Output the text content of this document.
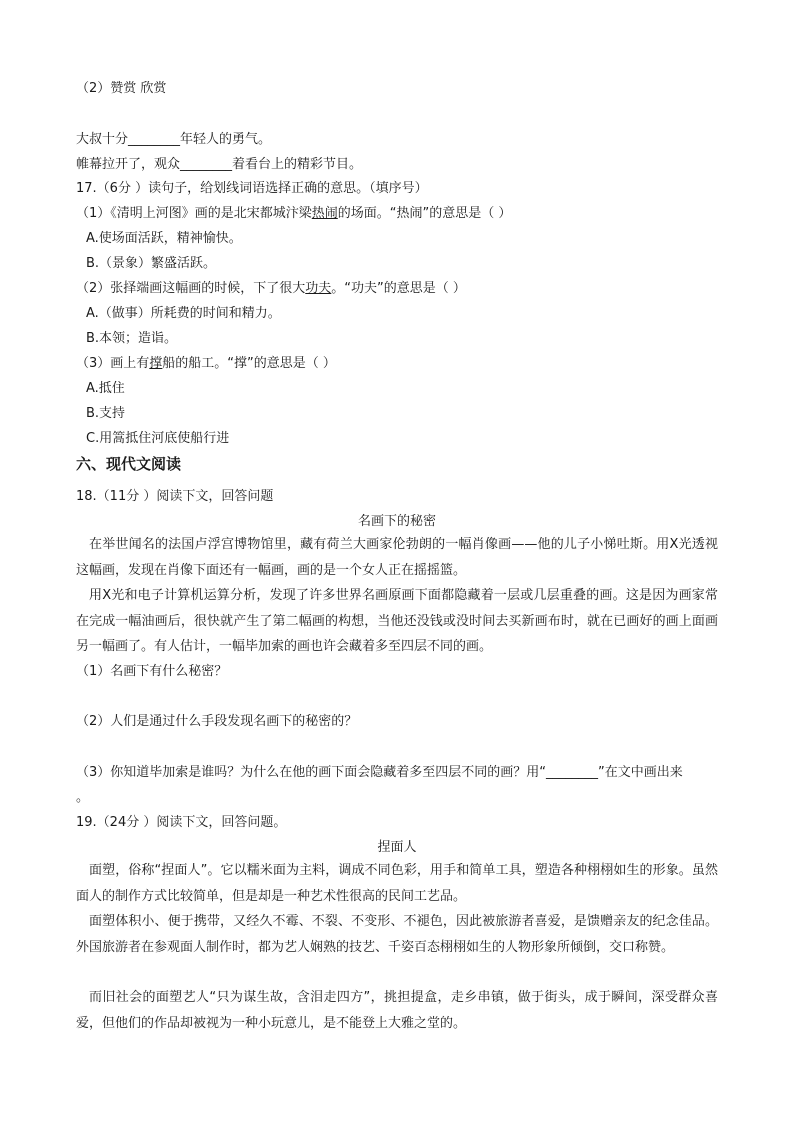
（2）赞赏 欣赏
大叔十分________年轻人的勇气。
帷幕拉开了，观众________着看台上的精彩节目。
17.（6分 ）读句子，给划线词语选择正确的意思。（填序号）
（1）《清明上河图》画的是北宋都城汴梁热闹的场面。“热闹”的意思是（ ）
A.使场面活跃，精神愉快。
B.（景象）繁盛活跃。
（2）张择端画这幅画的时候，下了很大功夫。“功夫”的意思是（ ）
A.（做事）所耗费的时间和精力。
B.本领；造诣。
（3）画上有撑船的船工。“撑”的意思是（ ）
A.抵住
B.支持
C.用篙抵住河底使船行进
六、现代文阅读
18.（11分 ）阅读下文，回答问题
名画下的秘密
在举世闻名的法国卢浮宫博物馆里，藏有荷兰大画家伦勃朗的一幅肖像画——他的儿子小悌吐斯。用X光透视这幅画，发现在肖像下面还有一幅画，画的是一个女人正在摇摇篮。
用X光和电子计算机运算分析，发现了许多世界名画原画下面都隐藏着一层或几层重叠的画。这是因为画家常在完成一幅油画后，很快就产生了第二幅画的构想，当他还没钱或没时间去买新画布时，就在已画好的画上面画另一幅画了。有人估计，一幅毕加索的画也许会藏着多至四层不同的画。
（1）名画下有什么秘密？
（2）人们是通过什么手段发现名画下的秘密的？
（3）你知道毕加索是谁吗？为什么在他的画下面会隐藏着多至四层不同的画？用“________”在文中画出来
。
19.（24分 ）阅读下文，回答问题。
捏面人
面塑，俗称“捏面人”。它以糯米面为主料，调成不同色彩，用手和简单工具，塑造各种栩栩如生的形象。虽然面人的制作方式比较简单，但是却是一种艺术性很高的民间工艺品。
面塑体积小、便于携带，又经久不霉、不裂、不变形、不褪色，因此被旅游者喜爱，是馈赠亲友的纪念佳品。外国旅游者在参观面人制作时，都为艺人娴熟的技艺、千姿百态栩栩如生的人物形象所倾倒，交口称赞。
而旧社会的面塑艺人“只为谋生故，含泪走四方”，挑担提盒，走乡串镇，做于街头，成于瞬间，深受群众喜爱，但他们的作品却被视为一种小玩意儿，是不能登上大雅之堂的。
